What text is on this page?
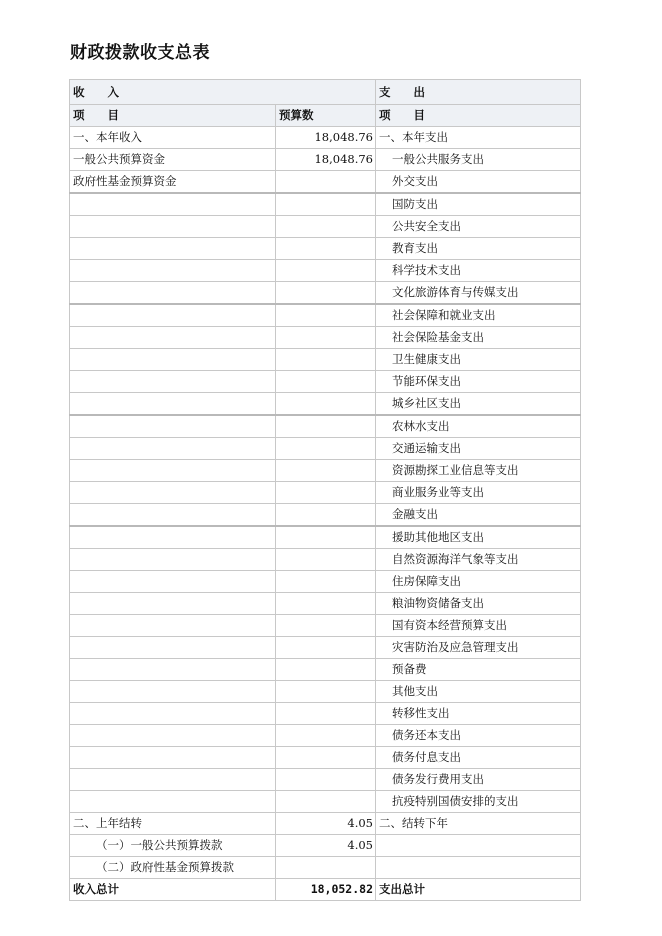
财政拨款收支总表
收　　入		支　　出
项　　目	预算数	项　　目
一、本年收入	18,048.76	一、本年支出
一般公共预算资金	18,048.76	一般公共服务支出
政府性基金预算资金		外交支出
		国防支出
		公共安全支出
		教育支出
		科学技术支出
		文化旅游体育与传媒支出
		社会保障和就业支出
		社会保险基金支出
		卫生健康支出
		节能环保支出
		城乡社区支出
		农林水支出
		交通运输支出
		资源勘探工业信息等支出
		商业服务业等支出
		金融支出
		援助其他地区支出
		自然资源海洋气象等支出
		住房保障支出
		粮油物资储备支出
		国有资本经营预算支出
		灾害防治及应急管理支出
		预备费
		其他支出
		转移性支出
		债务还本支出
		债务付息支出
		债务发行费用支出
		抗疫特别国债安排的支出
二、上年结转	4.05	二、结转下年
（一）一般公共预算拨款	4.05	
（二）政府性基金预算拨款		
收入总计	18,052.82	支出总计
